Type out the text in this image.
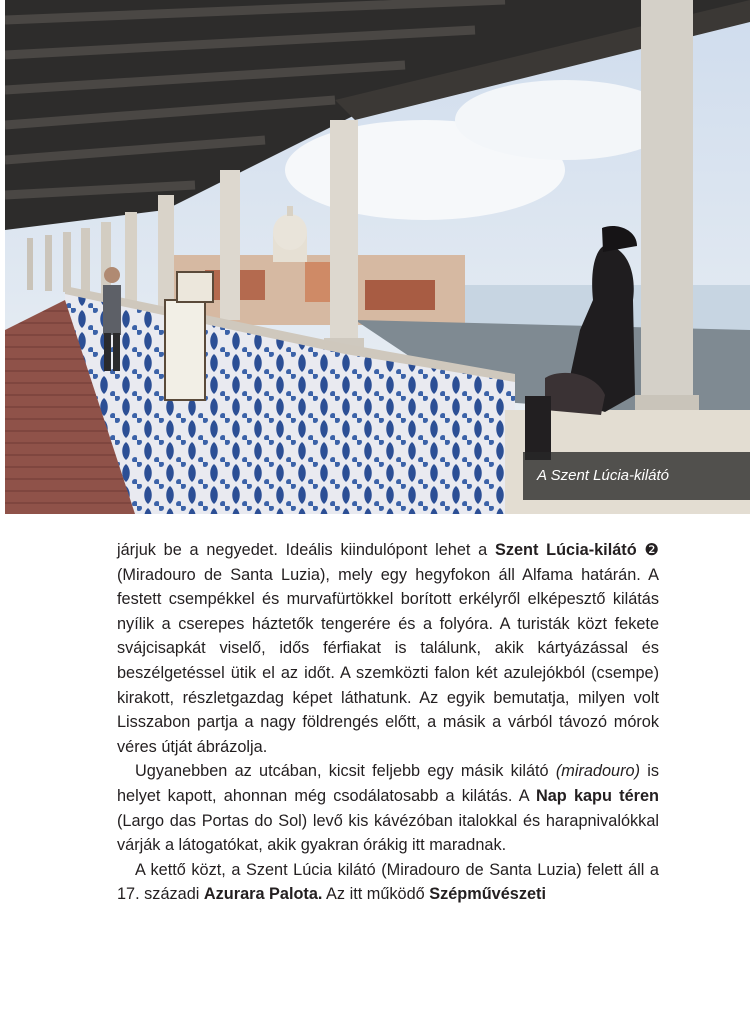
A Szent Lúcia-kilátó

járjuk be a negyedet. Ideális kiindulópont lehet a Szent Lúcia-kilátó ❷ (Miradouro de Santa Luzia), mely egy hegyfokon áll Alfama határán. A festett csempékkel és murvafürtökkel borított erkélyről elképesztő kilátás nyílik a cserepes háztetők tengerére és a folyóra. A turisták közt fekete svájcisapkát viselő, idős férfiakat is találunk, akik kártyázással és beszélgetéssel ütik el az időt. A szemközti falon két azulejókból (csempe) kirakott, részletgazdag képet láthatunk. Az egyik bemutatja, milyen volt Lisszabon partja a nagy földrengés előtt, a másik a várból távozó mórok véres útját ábrázolja.

Ugyanebben az utcában, kicsit feljebb egy másik kilátó (miradouro) is helyet kapott, ahonnan még csodálatosabb a kilátás. A Nap kapu téren (Largo das Portas do Sol) levő kis kávézóban italokkal és harapnivalókkal várják a látogatókat, akik gyakran órákig itt maradnak.

A kettő közt, a Szent Lúcia kilátó (Miradouro de Santa Luzia) felett áll a 17. századi Azurara Palota. Az itt működő Szépművészeti
